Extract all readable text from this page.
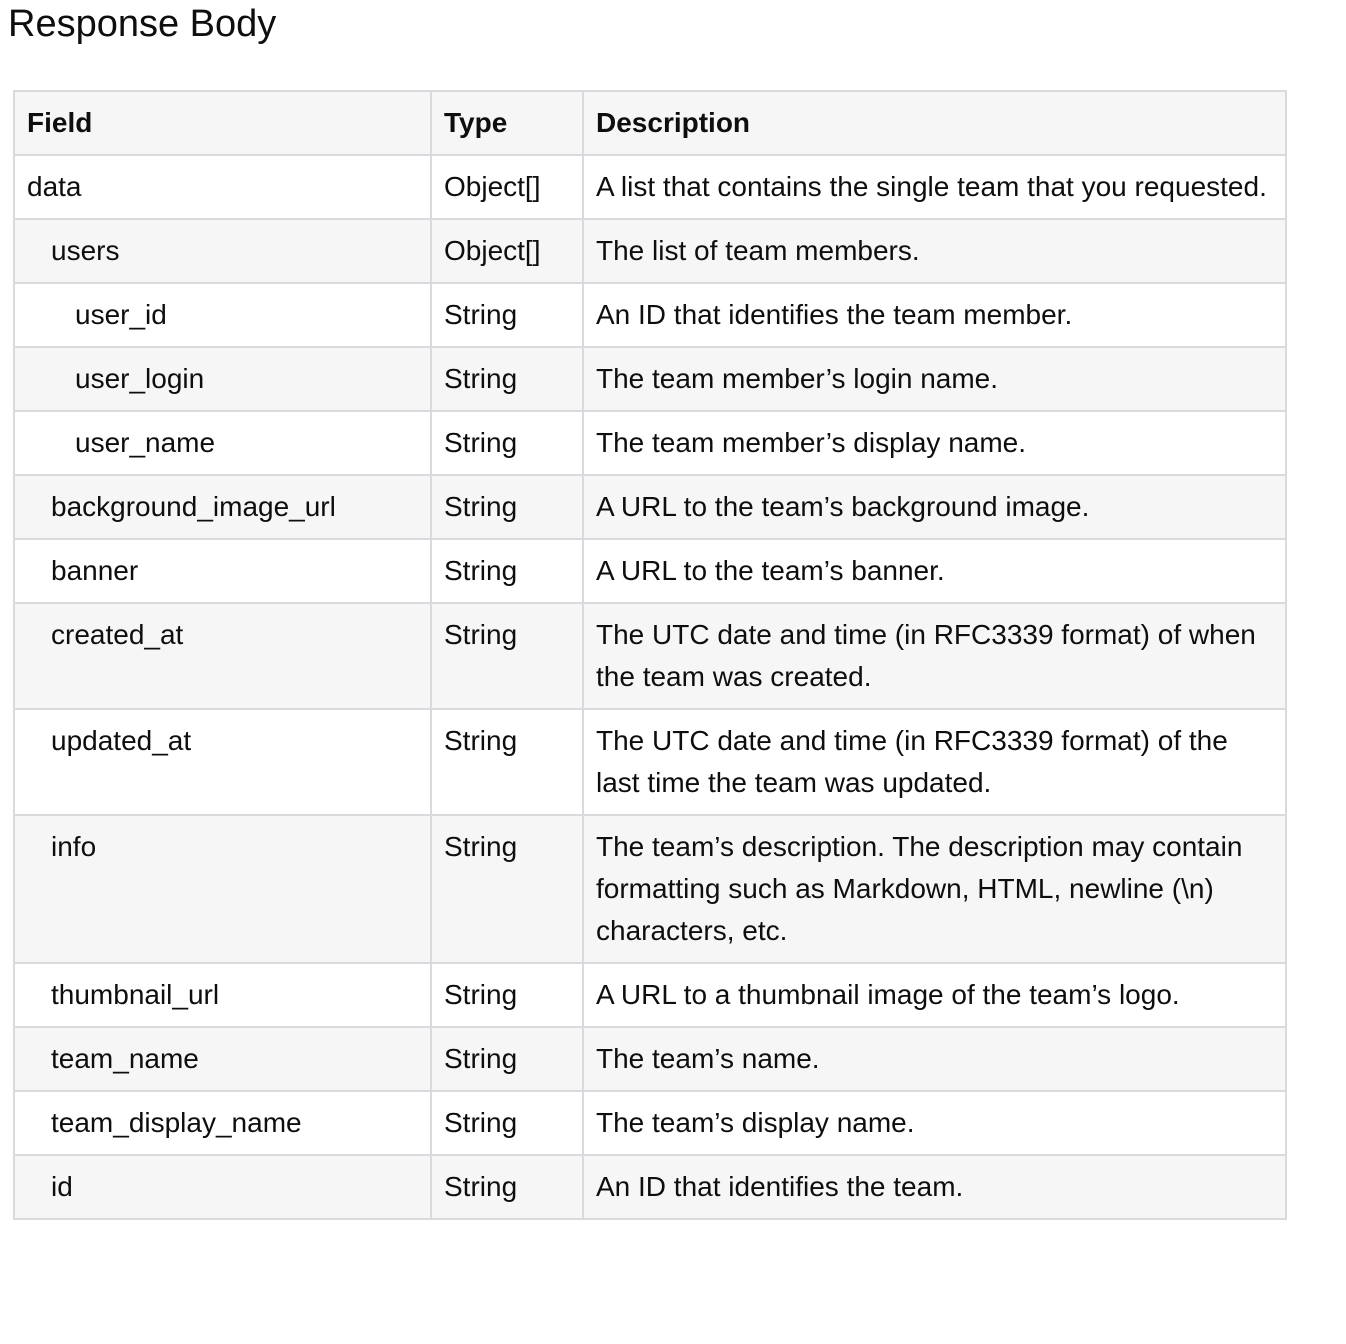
Response Body
Field	Type	Description
data	Object[]	A list that contains the single team that you requested.
users	Object[]	The list of team members.
user_id	String	An ID that identifies the team member.
user_login	String	The team member’s login name.
user_name	String	The team member’s display name.
background_image_url	String	A URL to the team’s background image.
banner	String	A URL to the team’s banner.
created_at	String	The UTC date and time (in RFC3339 format) of when the team was created.
updated_at	String	The UTC date and time (in RFC3339 format) of the last time the team was updated.
info	String	The team’s description. The description may contain formatting such as Markdown, HTML, newline (\n) characters, etc.
thumbnail_url	String	A URL to a thumbnail image of the team’s logo.
team_name	String	The team’s name.
team_display_name	String	The team’s display name.
id	String	An ID that identifies the team.
